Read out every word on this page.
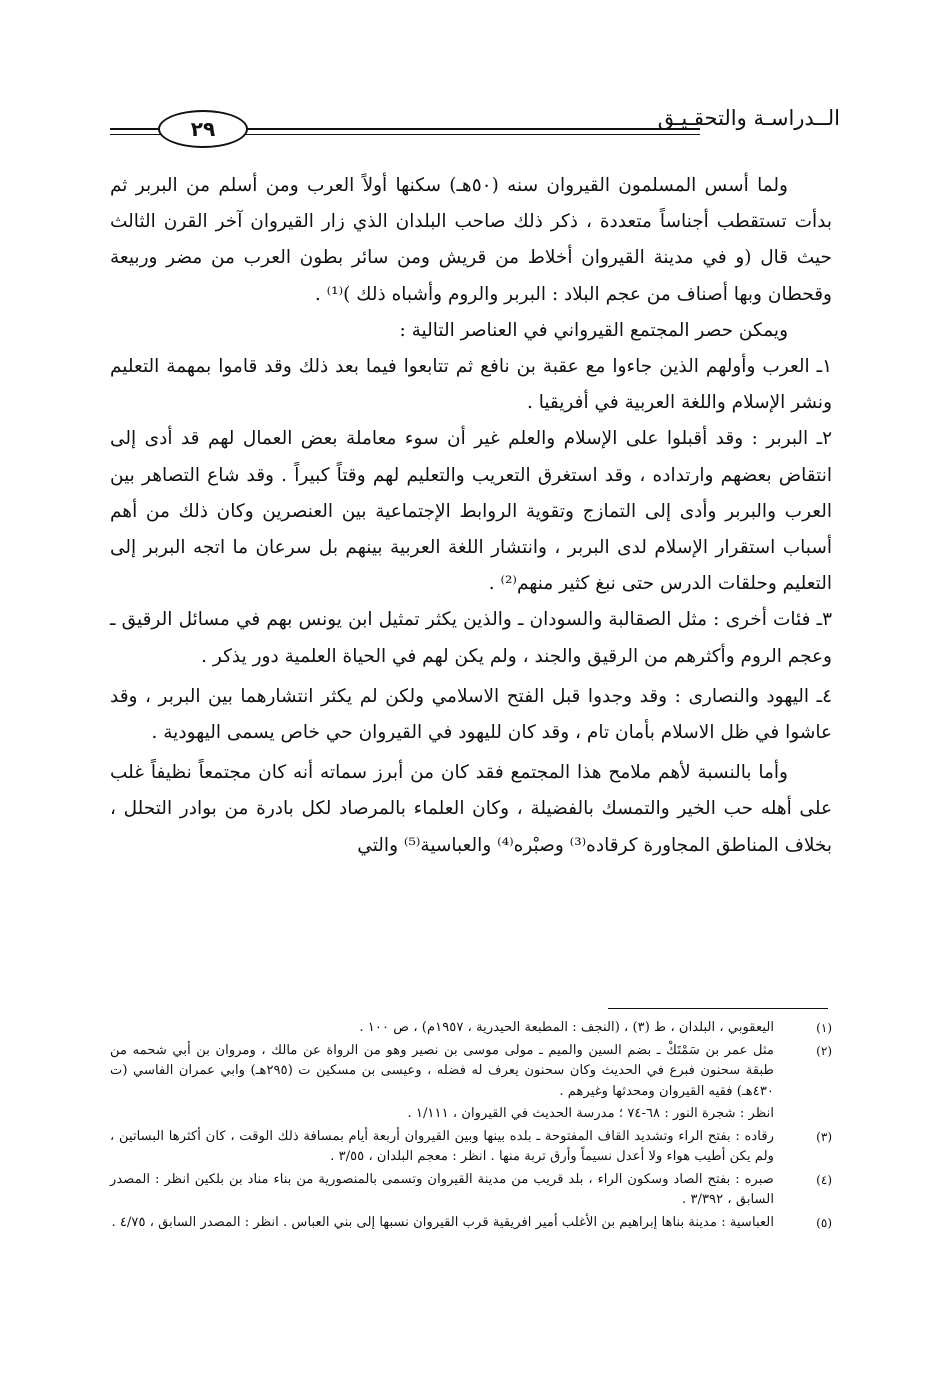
الــدراسـة والتحقـيـق
٢٩

ولما أسس المسلمون القيروان سنه (٥٠هـ) سكنها أولاً العرب ومن أسلم من البربر ثم بدأت تستقطب أجناساً متعددة ، ذكر ذلك صاحب البلدان الذي زار القيروان آخر القرن الثالث حيث قال (و في مدينة القيروان أخلاط من قريش ومن سائر بطون العرب من مضر وربيعة وقحطان وبها أصناف من عجم البلاد : البربر والروم وأشباه ذلك )⁽¹⁾ .

ويمكن حصر المجتمع القيرواني في العناصر التالية :

١ـ العرب وأولهم الذين جاءوا مع عقبة بن نافع ثم تتابعوا فيما بعد ذلك وقد قاموا بمهمة التعليم ونشر الإسلام واللغة العربية في أفريقيا .

٢ـ البربر : وقد أقبلوا على الإسلام والعلم غير أن سوء معاملة بعض العمال لهم قد أدى إلى انتقاض بعضهم وارتداده ، وقد استغرق التعريب والتعليم لهم وقتاً كبيراً . وقد شاع التصاهر بين العرب والبربر وأدى إلى التمازج وتقوية الروابط الإجتماعية بين العنصرين وكان ذلك من أهم أسباب استقرار الإسلام لدى البربر ، وانتشار اللغة العربية بينهم بل سرعان ما اتجه البربر إلى التعليم وحلقات الدرس حتى نبغ كثير منهم⁽²⁾ .

٣ـ فئات أخرى : مثل الصقالبة والسودان ـ والذين يكثر تمثيل ابن يونس بهم في مسائل الرقيق ـ وعجم الروم وأكثرهم من الرقيق والجند ، ولم يكن لهم في الحياة العلمية دور يذكر .

٤ـ اليهود والنصارى : وقد وجدوا قبل الفتح الاسلامي ولكن لم يكثر انتشارهما بين البربر ، وقد عاشوا في ظل الاسلام بأمان تام ، وقد كان لليهود في القيروان حي خاص يسمى اليهودية .

وأما بالنسبة لأهم ملامح هذا المجتمع فقد كان من أبرز سماته أنه كان مجتمعاً نظيفاً غلب على أهله حب الخير والتمسك بالفضيلة ، وكان العلماء بالمرصاد لكل بادرة من بوادر التحلل ، بخلاف المناطق المجاورة كرقاده⁽³⁾ وصبْره⁽⁴⁾ والعباسية⁽⁵⁾ والتي

(١)
اليعقوبي ، البلدان ، ط (٣) ، (النجف : المطبعة الحيدرية ، ١٩٥٧م) ، ص ١٠٠ .
(٢)
مثل عمر بن سَمْتَكْ ـ بضم السين والميم ـ مولى موسى بن نصير وهو من الرواة عن مالك ، ومروان بن أبي شحمه من طبقة سحنون فبرع في الحديث وكان سحنون يعرف له فضله ، وعيسى بن مسكين ت (٢٩٥هـ) وابي عمران الفاسي (ت ٤٣٠هـ) فقيه القيروان ومحدثها وغيرهم .
انظر : شجرة النور : ٦٨-٧٤ ؛ مدرسة الحديث في القيروان ، ١/١١١ .
(٣)
رقاده : بفتح الراء وتشديد القاف المفتوحة ـ بلده بينها وبين القيروان أربعة أيام بمسافة ذلك الوقت ، كان أكثرها البساتين ، ولم يكن أطيب هواء ولا أعدل نسيماً وأرق تربة منها . انظر : معجم البلدان ، ٣/٥٥ .
(٤)
صبره : بفتح الصاد وسكون الراء ، بلد قريب من مدينة القيروان وتسمى بالمنصورية من بناء مناد بن بلكين انظر : المصدر السابق ، ٣/٣٩٢ .
(٥)
العباسية : مدينة بناها إبراهيم بن الأغلب أمير افريقية قرب القيروان نسبها إلى بني العباس . انظر : المصدر السابق ، ٤/٧٥ .
